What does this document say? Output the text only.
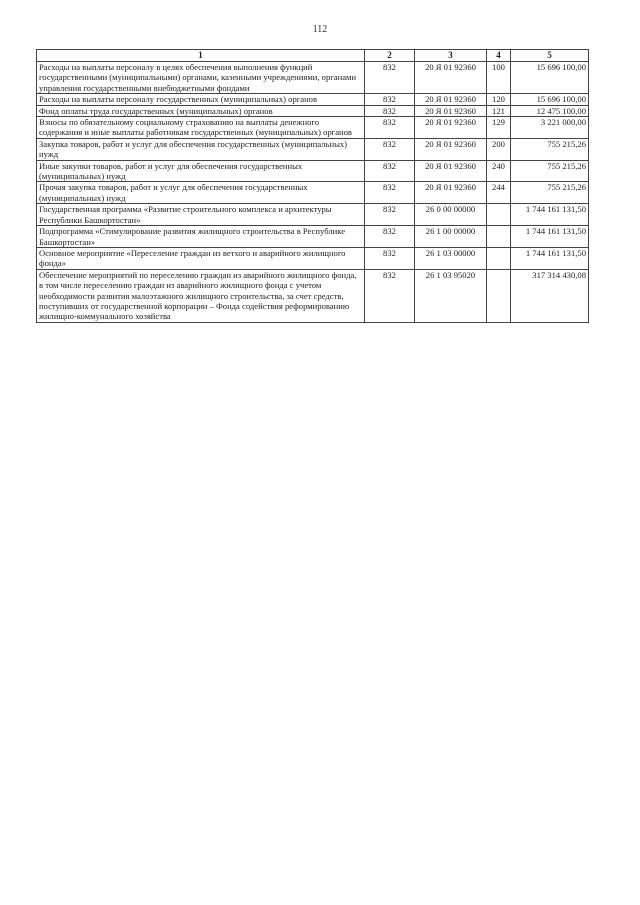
112
1	2	3	4	5
Расходы на выплаты персоналу в целях обеспечения выполнения функций государственными (муниципальными) органами, казенными учреждениями, органами управления государственными внебюджетными фондами	832	20 Я 01 92360	100	15 696 100,00
Расходы на выплаты персоналу государственных (муниципальных) органов	832	20 Я 01 92360	120	15 696 100,00
Фонд оплаты труда государственных (муниципальных) органов	832	20 Я 01 92360	121	12 475 100,00
Взносы по обязательному социальному страхованию на выплаты денежного содержания и иные выплаты работникам государственных (муниципальных) органов	832	20 Я 01 92360	129	3 221 000,00
Закупка товаров, работ и услуг для обеспечения государственных (муниципальных) нужд	832	20 Я 01 92360	200	755 215,26
Иные закупки товаров, работ и услуг для обеспечения государственных (муниципальных) нужд	832	20 Я 01 92360	240	755 215,26
Прочая закупка товаров, работ и услуг для обеспечения государственных (муниципальных) нужд	832	20 Я 01 92360	244	755 215,26
Государственная программа «Развитие строительного комплекса и архитектуры Республики Башкортостан»	832	26 0 00 00000		1 744 161 131,50
Подпрограмма «Стимулирование развития жилищного строительства в Республике Башкортостан»	832	26 1 00 00000		1 744 161 131,50
Основное мероприятие «Переселение граждан из ветхого и аварийного жилищного фонда»	832	26 1 03 00000		1 744 161 131,50
Обеспечение мероприятий по переселению граждан из аварийного жилищного фонда, в том числе переселению граждан из аварийного жилищного фонда с учетом необходимости развития малоэтажного жилищного строительства, за счет средств, поступивших от государственной корпорации – Фонда содействия реформированию жилищно-коммунального хозяйства	832	26 1 03 95020		317 314 430,08
